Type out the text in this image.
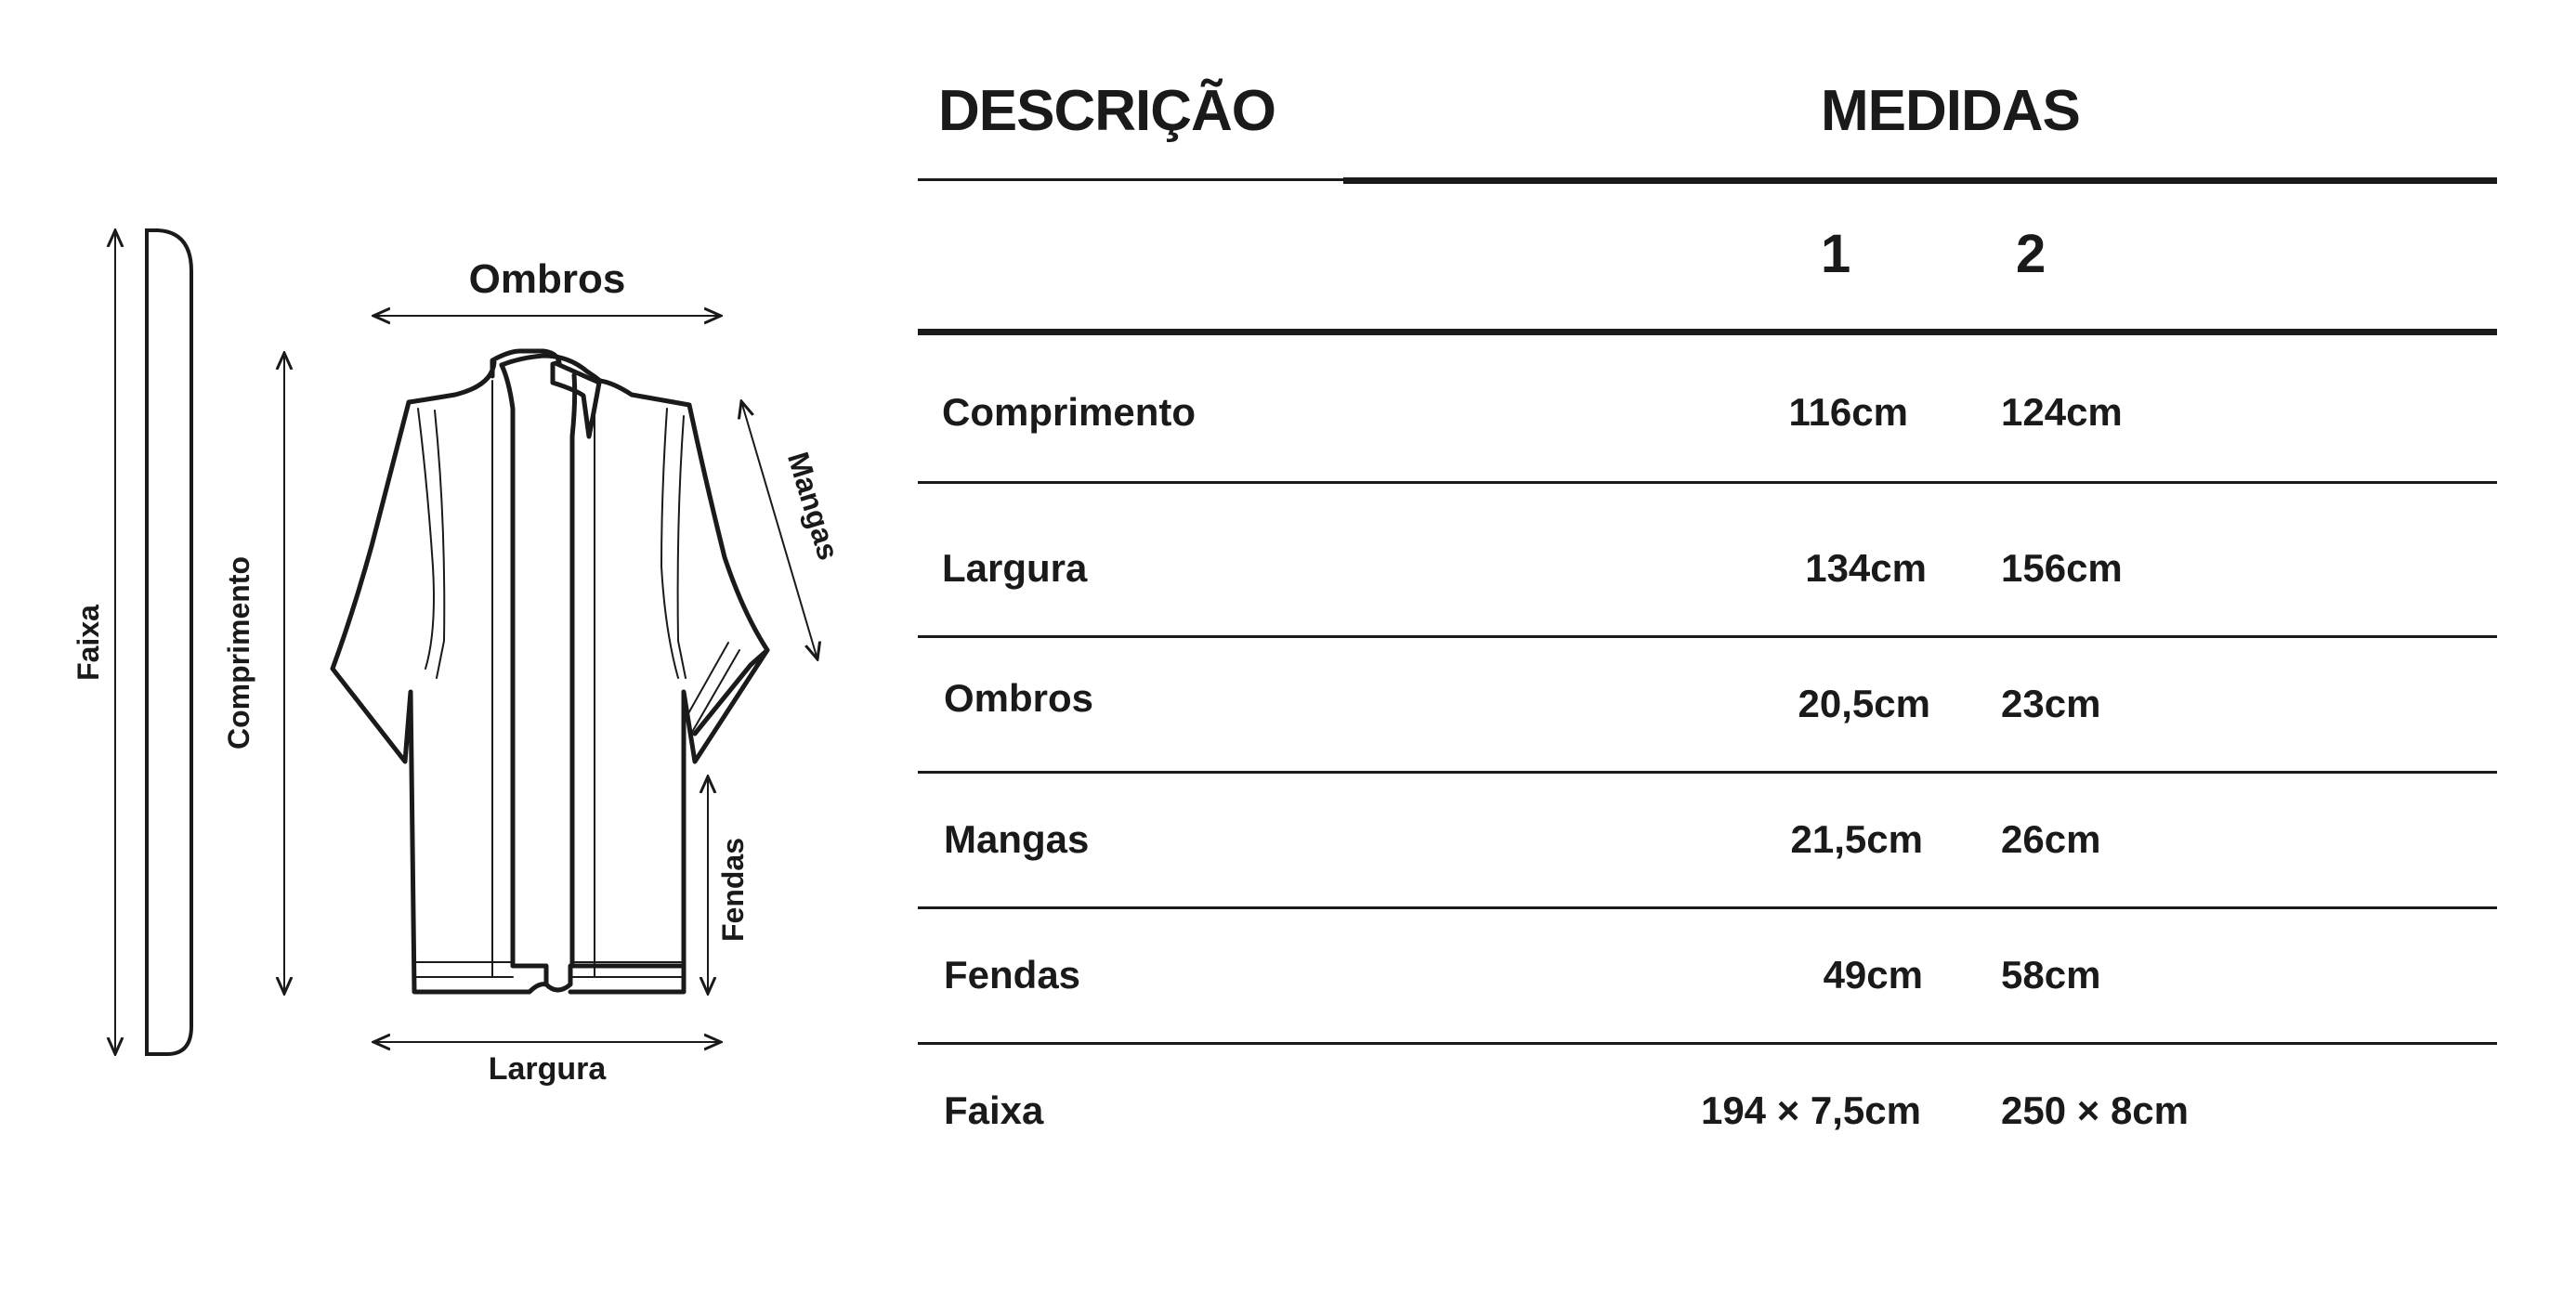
Faixa	Comprimento
Ombros
Mangas
Fendas
Largura
DESCRIÇÃO	MEDIDAS
1	2
Comprimento	116cm 124cm
Largura	134cm 156cm
Ombros	20,5cm 23cm
Mangas	21,5cm 26cm
Fendas	49cm 58cm
Faixa	194 × 7,5cm 250 × 8cm
